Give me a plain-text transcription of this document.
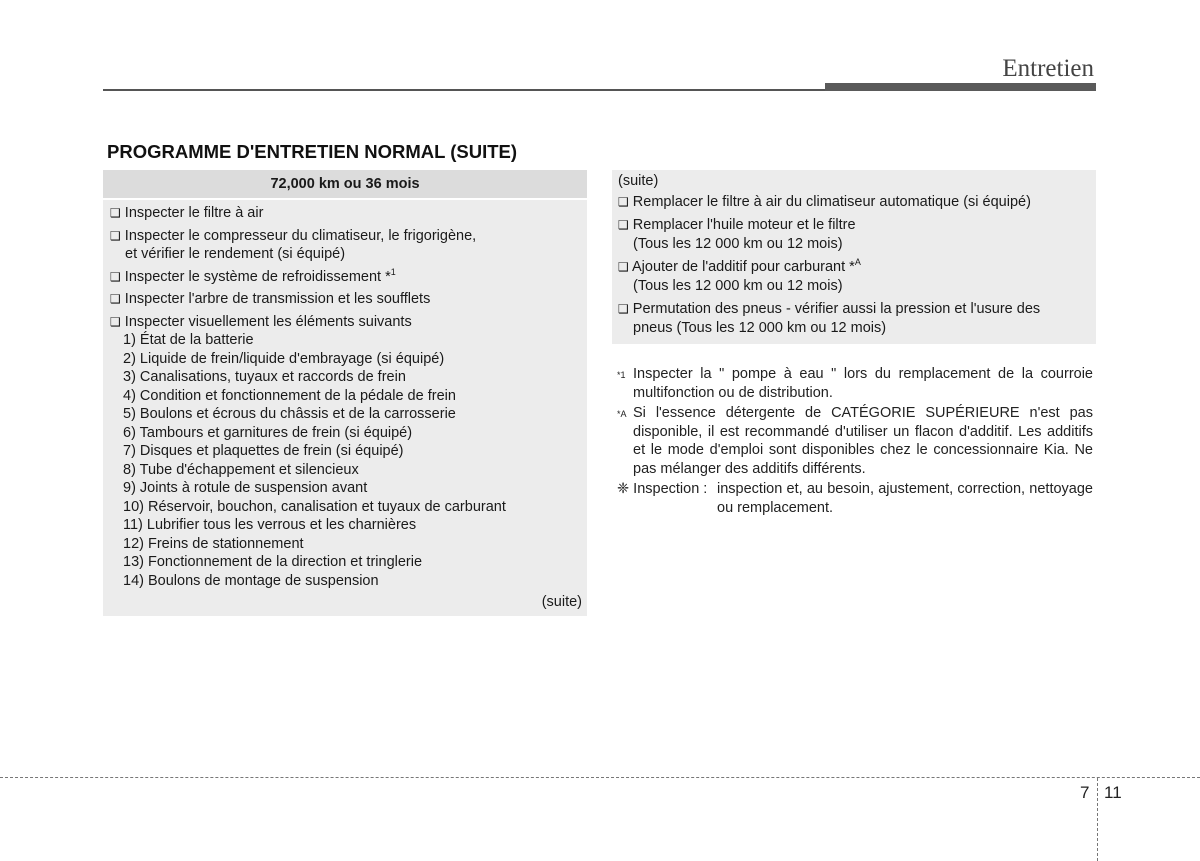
Entretien
PROGRAMME D'ENTRETIEN NORMAL (SUITE)
72,000 km ou 36 mois
❑ Inspecter le filtre à air
❑ Inspecter le compresseur du climatiseur, le frigorigène,
et vérifier le rendement (si équipé)
❑ Inspecter le système de refroidissement *$^1$
❑ Inspecter l'arbre de transmission et les soufflets
❑ Inspecter visuellement les éléments suivants
1) État de la batterie
2) Liquide de frein/liquide d'embrayage (si équipé)
3) Canalisations, tuyaux et raccords de frein
4) Condition et fonctionnement de la pédale de frein
5) Boulons et écrous du châssis et de la carrosserie
6) Tambours et garnitures de frein (si équipé)
7) Disques et plaquettes de frein (si équipé)
8) Tube d'échappement et silencieux
9) Joints à rotule de suspension avant
10) Réservoir, bouchon, canalisation et tuyaux de carburant
11) Lubrifier tous les verrous et les charnières
12) Freins de stationnement
13) Fonctionnement de la direction et tringlerie
14) Boulons de montage de suspension
(suite)
(suite)
❑ Remplacer le filtre à air du climatiseur automatique (si équipé)
❑ Remplacer l'huile moteur et le filtre
(Tous les 12 000 km ou 12 mois)
❑ Ajouter de l'additif pour carburant *$^A$
(Tous les 12 000 km ou 12 mois)
❑ Permutation des pneus - vérifier aussi la pression et l'usure des
pneus (Tous les 12 000 km ou 12 mois)
*1 Inspecter la " pompe à eau " lors du remplacement de la courroie multifonction ou de distribution.
*A Si l'essence détergente de CATÉGORIE SUPÉRIEURE n'est pas disponible, il est recommandé d'utiliser un flacon d'additif. Les additifs et le mode d'emploi sont disponibles chez le concessionnaire Kia. Ne pas mélanger des additifs différents.
❈ Inspection : inspection et, au besoin, ajustement, correction, nettoyage ou remplacement.
7 11
